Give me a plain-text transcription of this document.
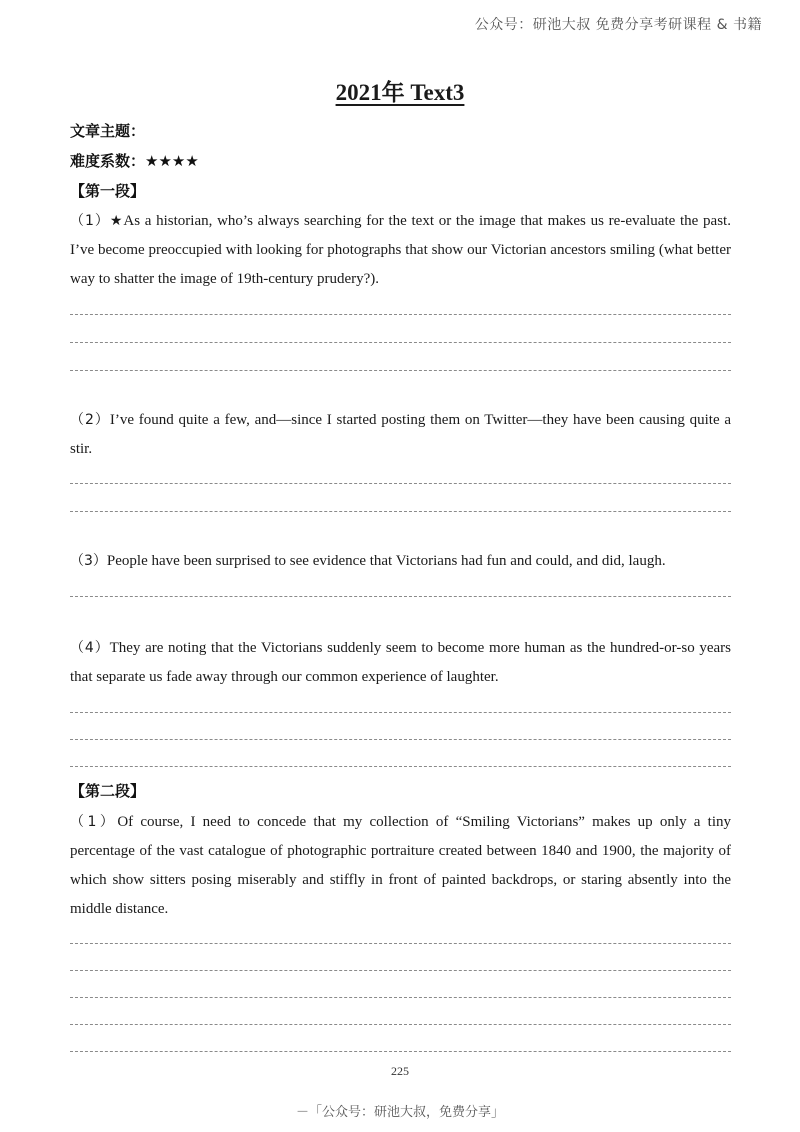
公众号：研池大叔 免费分享考研课程 & 书籍
2021年 Text3
文章主题：
难度系数：★★★★
【第一段】

（1）★As a historian, who’s always searching for the text or the image that makes us re-evaluate the past. I’ve become preoccupied with looking for photographs that show our Victorian ancestors smiling (what better way to shatter the image of 19th-century prudery?).

（2）I’ve found quite a few, and—since I started posting them on Twitter—they have been causing quite a stir.

（3）People have been surprised to see evidence that Victorians had fun and could, and did, laugh.

（4）They are noting that the Victorians suddenly seem to become more human as the hundred-or-so years that separate us fade away through our common experience of laughter.

【第二段】

（1）Of course, I need to concede that my collection of “Smiling Victorians” makes up only a tiny percentage of the vast catalogue of photographic portraiture created between 1840 and 1900, the majority of which show sitters posing miserably and stiffly in front of painted backdrops, or staring absently into the middle distance.

225
－「公众号：研池大叔，免费分享」
